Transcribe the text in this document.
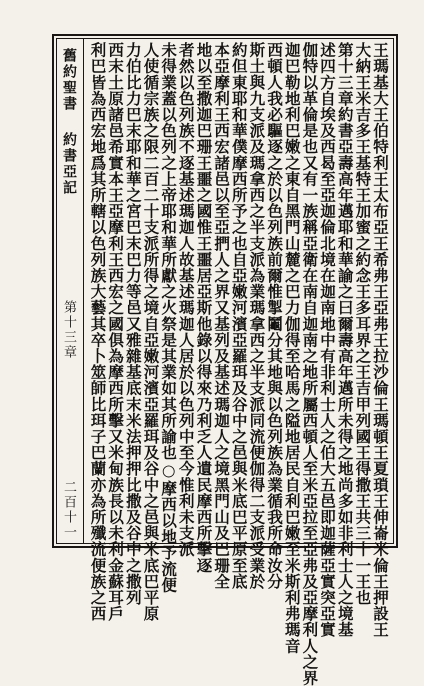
舊約聖書
約書亞記
第十三章
二百十一	王瑪基大王伯特利王太布亞王希弗王亞弗王拉沙倫王瑪頓王夏瑣王伸崙米倫王押設王
大納王米吉多王基特王加蜜之約念王多耳界之王吉甲列國王得撒王共三十一王也
第十三章約書亞壽高年邁耶和華諭之曰爾壽高年邁所未得之地尚多如非利士人之境基
述四方自埃及西曷至亞迦倫北境在迦南地中有非利士人之伯大五邑即迦薩亞實突亞實
伽特以革倫是也又有一族稱亞衛在南自迦南之地所屬西頓人至米亞拉至亞弗及亞摩利人之界
迦巴勒地利巴嫩之東自黑門山麓之巴力伽得至哈馬之隘地居民自利巴嫩至米斯利弗瑪音
西頓人我必驅逐之於以色列族前爾惟掣鬮分其地與以色列族為業循我所命汝分
斯土與九支派及瑪拿西之半支派為業瑪拿西之半支派同流便伽得二支派受業於
約但東耶和華僕摩西所予之也自亞嫩河濱亞羅珥及谷中之邑與米底巴平原至底
本亞摩利王西宏諸邑以至亞捫人之界又基列及基述瑪迦人之境黑門山及巴珊全
地以至撒迦巴珊王噩之國惟王噩居亞斯他錄以得來乃利乏人遺民摩西所擊逐
者然以色列族不逐基述瑪迦人故基述瑪迦人居於以色列中至今惟利未支派
未得業蓋以色列之上帝耶和華所獻之火祭是其業如其所諭也○摩西以地予流便
人使循宗族之限二百二十支派所得之境自亞嫩河濱亞羅珥及谷中之邑與米底巴平原
力伯比力巴末耶和華之宮巴末巴力等邑又雅雜基底末米法押押比撒及谷中之撒列
西末土原諸邑希實本王亞摩利王西宏之國俱為摩西所擊又米甸族長以未利金蘇耳戶
利巴皆為西宏地爲其所轄以色列族大藝其卒卜筮師比珥子巴蘭亦為所殲流便族之西
